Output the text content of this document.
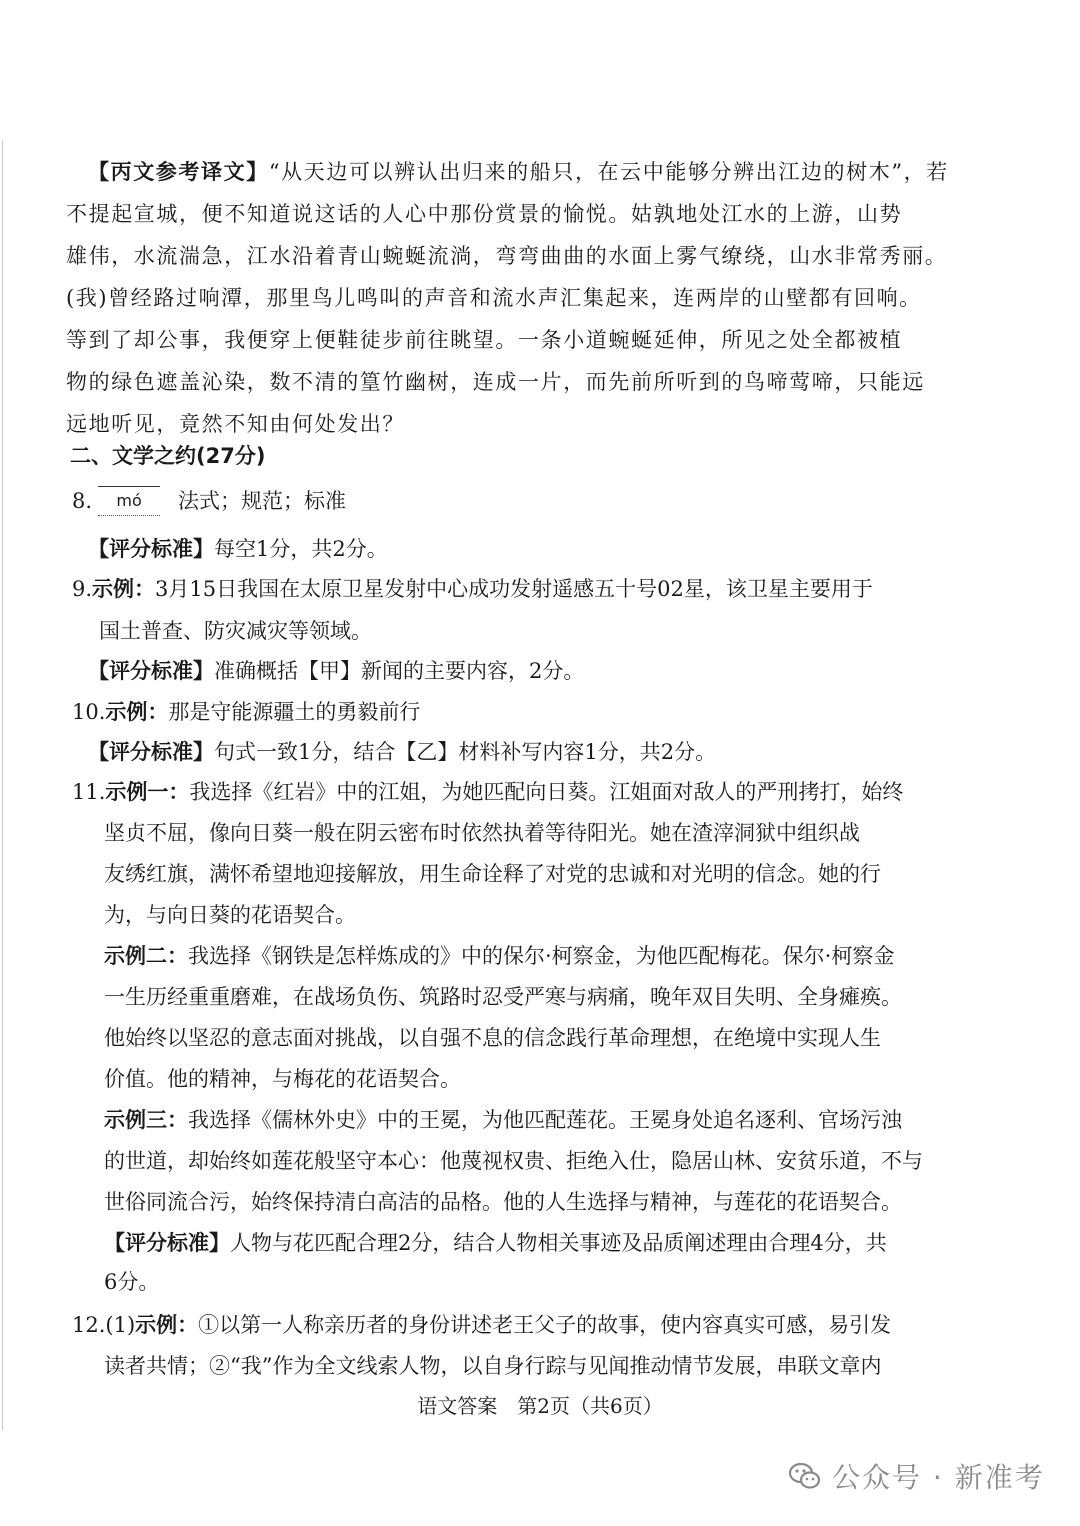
【丙文参考译文】“从天边可以辨认出归来的船只，在云中能够分辨出江边的树木”，若
不提起宣城，便不知道说这话的人心中那份赏景的愉悦。姑孰地处江水的上游，山势
雄伟，水流湍急，江水沿着青山蜿蜒流淌，弯弯曲曲的水面上雾气缭绕，山水非常秀丽。
(我)曾经路过响潭，那里鸟儿鸣叫的声音和流水声汇集起来，连两岸的山壁都有回响。
等到了却公事，我便穿上便鞋徒步前往眺望。一条小道蜿蜒延伸，所见之处全都被植
物的绿色遮盖沁染，数不清的篁竹幽树，连成一片，而先前所听到的鸟啼莺啼，只能远
远地听见，竟然不知由何处发出？
二、文学之约(27分)
8. mó 法式；规范；标准
【评分标准】每空1分，共2分。
9.示例：3月15日我国在太原卫星发射中心成功发射遥感五十号02星，该卫星主要用于
国土普查、防灾减灾等领域。
【评分标准】准确概括【甲】新闻的主要内容，2分。
10.示例：那是守能源疆土的勇毅前行
【评分标准】句式一致1分，结合【乙】材料补写内容1分，共2分。
11.示例一：我选择《红岩》中的江姐，为她匹配向日葵。江姐面对敌人的严刑拷打，始终
坚贞不屈，像向日葵一般在阴云密布时依然执着等待阳光。她在渣滓洞狱中组织战
友绣红旗，满怀希望地迎接解放，用生命诠释了对党的忠诚和对光明的信念。她的行
为，与向日葵的花语契合。
示例二：我选择《钢铁是怎样炼成的》中的保尔·柯察金，为他匹配梅花。保尔·柯察金
一生历经重重磨难，在战场负伤、筑路时忍受严寒与病痛，晚年双目失明、全身瘫痪。
他始终以坚忍的意志面对挑战，以自强不息的信念践行革命理想，在绝境中实现人生
价值。他的精神，与梅花的花语契合。
示例三：我选择《儒林外史》中的王冕，为他匹配莲花。王冕身处追名逐利、官场污浊
的世道，却始终如莲花般坚守本心：他蔑视权贵、拒绝入仕，隐居山林、安贫乐道，不与
世俗同流合污，始终保持清白高洁的品格。他的人生选择与精神，与莲花的花语契合。
【评分标准】人物与花匹配合理2分，结合人物相关事迹及品质阐述理由合理4分，共
6分。
12.(1)示例：①以第一人称亲历者的身份讲述老王父子的故事，使内容真实可感，易引发
读者共情；②“我”作为全文线索人物，以自身行踪与见闻推动情节发展，串联文章内
语文答案　第2页（共6页）
公众号 · 新准考
